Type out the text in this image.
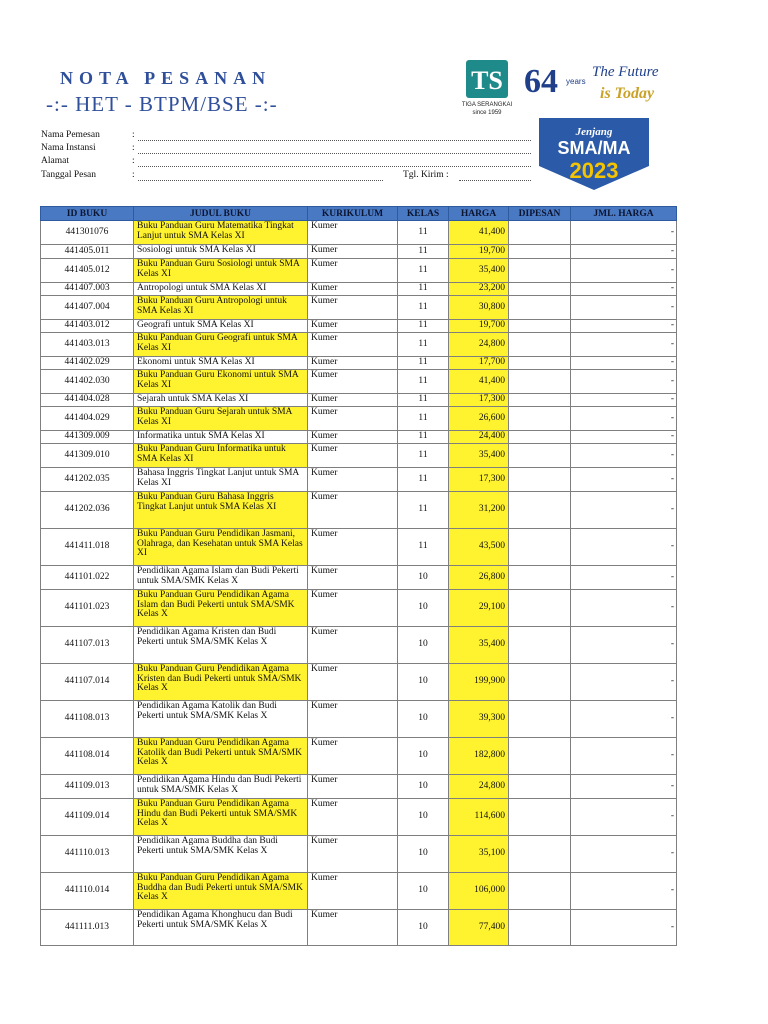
NOTA PESANAN
-:- HET - BTPM/BSE -:-
TS
TIGA SERANGKAI
since 1959
64 years
The Future
is Today
Jenjang
SMA/MA
2023
Nama Pemesan	:
Nama Instansi	:
Alamat	:
Tanggal Pesan	:	Tgl. Kirim :
ID BUKU	JUDUL BUKU	KURIKULUM	KELAS	HARGA	DIPESAN	JML. HARGA
441301076	Buku Panduan Guru Matematika Tingkat Lanjut untuk SMA Kelas XI	Kumer	11	41,400		-
441405.011	Sosiologi untuk SMA Kelas XI	Kumer	11	19,700		-
441405.012	Buku Panduan Guru Sosiologi untuk SMA Kelas XI	Kumer	11	35,400		-
441407.003	Antropologi untuk SMA Kelas XI	Kumer	11	23,200		-
441407.004	Buku Panduan Guru Antropologi untuk SMA Kelas XI	Kumer	11	30,800		-
441403.012	Geografi untuk SMA Kelas XI	Kumer	11	19,700		-
441403.013	Buku Panduan Guru Geografi untuk SMA Kelas XI	Kumer	11	24,800		-
441402.029	Ekonomi untuk SMA Kelas XI	Kumer	11	17,700		-
441402.030	Buku Panduan Guru Ekonomi untuk SMA Kelas XI	Kumer	11	41,400		-
441404.028	Sejarah untuk SMA Kelas XI	Kumer	11	17,300		-
441404.029	Buku Panduan Guru Sejarah untuk SMA Kelas XI	Kumer	11	26,600		-
441309.009	Informatika untuk SMA Kelas XI	Kumer	11	24,400		-
441309.010	Buku Panduan Guru Informatika untuk SMA Kelas XI	Kumer	11	35,400		-
441202.035	Bahasa Inggris Tingkat Lanjut untuk SMA Kelas XI	Kumer	11	17,300		-
441202.036	Buku Panduan Guru Bahasa Inggris Tingkat Lanjut untuk SMA Kelas XI	Kumer	11	31,200		-
441411.018	Buku Panduan Guru Pendidikan Jasmani, Olahraga, dan Kesehatan untuk SMA Kelas XI	Kumer	11	43,500		-
441101.022	Pendidikan Agama Islam dan Budi Pekerti untuk SMA/SMK Kelas X	Kumer	10	26,800		-
441101.023	Buku Panduan Guru Pendidikan Agama Islam dan Budi Pekerti untuk SMA/SMK Kelas X	Kumer	10	29,100		-
441107.013	Pendidikan Agama Kristen dan Budi Pekerti untuk SMA/SMK Kelas X	Kumer	10	35,400		-
441107.014	Buku Panduan Guru Pendidikan Agama Kristen dan Budi Pekerti untuk SMA/SMK Kelas X	Kumer	10	199,900		-
441108.013	Pendidikan Agama Katolik dan Budi Pekerti untuk SMA/SMK Kelas X	Kumer	10	39,300		-
441108.014	Buku Panduan Guru Pendidikan Agama Katolik dan Budi Pekerti untuk SMA/SMK Kelas X	Kumer	10	182,800		-
441109.013	Pendidikan Agama Hindu dan Budi Pekerti untuk SMA/SMK Kelas X	Kumer	10	24,800		-
441109.014	Buku Panduan Guru Pendidikan Agama Hindu dan Budi Pekerti untuk SMA/SMK Kelas X	Kumer	10	114,600		-
441110.013	Pendidikan Agama Buddha dan Budi Pekerti untuk SMA/SMK Kelas X	Kumer	10	35,100		-
441110.014	Buku Panduan Guru Pendidikan Agama Buddha dan Budi Pekerti untuk SMA/SMK Kelas X	Kumer	10	106,000		-
441111.013	Pendidikan Agama Khonghucu dan Budi Pekerti untuk SMA/SMK Kelas X	Kumer	10	77,400		-
